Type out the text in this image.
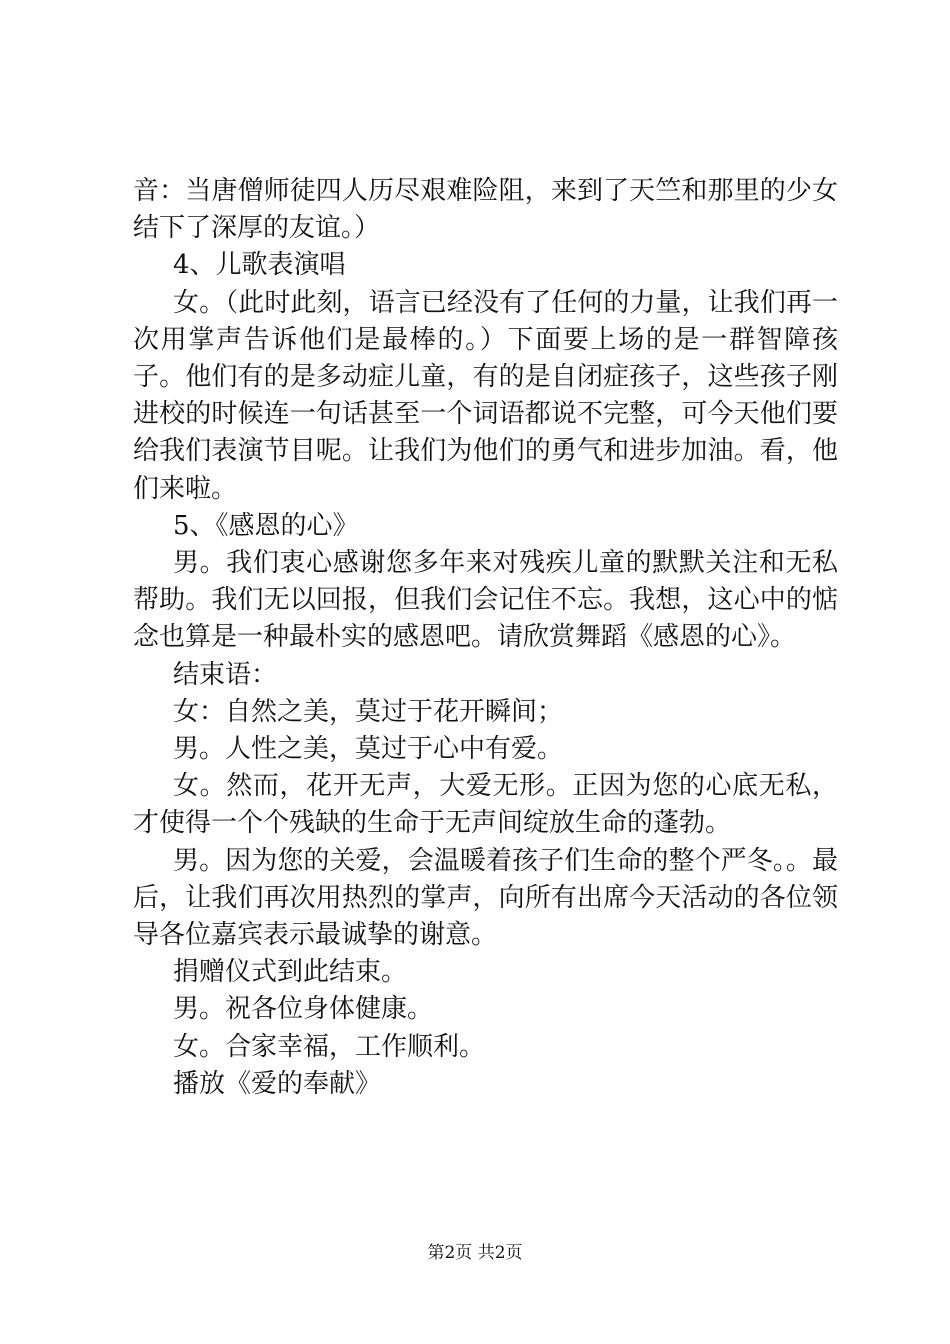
音：当唐僧师徒四人历尽艰难险阻，来到了天竺和那里的少女结下了深厚的友谊。）

4、儿歌表演唱

女。（此时此刻，语言已经没有了任何的力量，让我们再一次用掌声告诉他们是最棒的。）下面要上场的是一群智障孩子。他们有的是多动症儿童，有的是自闭症孩子，这些孩子刚进校的时候连一句话甚至一个词语都说不完整，可今天他们要给我们表演节目呢。让我们为他们的勇气和进步加油。看，他们来啦。

5、《感恩的心》

男。我们衷心感谢您多年来对残疾儿童的默默关注和无私帮助。我们无以回报，但我们会记住不忘。我想，这心中的惦念也算是一种最朴实的感恩吧。请欣赏舞蹈《感恩的心》。

结束语：

女：自然之美，莫过于花开瞬间；

男。人性之美，莫过于心中有爱。

女。然而，花开无声，大爱无形。正因为您的心底无私，才使得一个个残缺的生命于无声间绽放生命的蓬勃。

男。因为您的关爱，会温暖着孩子们生命的整个严冬。。最后，让我们再次用热烈的掌声，向所有出席今天活动的各位领导各位嘉宾表示最诚挚的谢意。

捐赠仪式到此结束。

男。祝各位身体健康。

女。合家幸福，工作顺利。

播放《爱的奉献》

第2页 共2页
